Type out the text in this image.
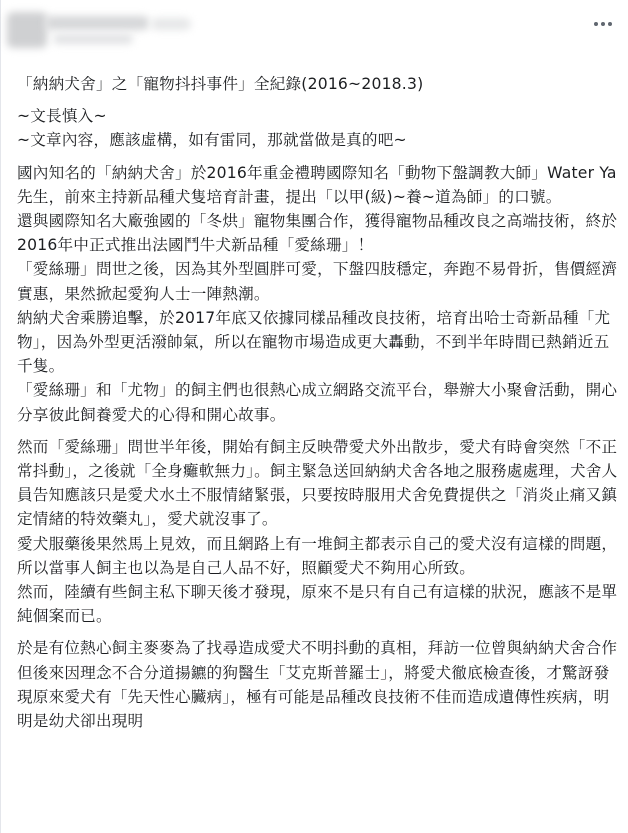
「納納犬舍」之「寵物抖抖事件」全紀錄(2016~2018.3)

~文長慎入~

~文章內容，應該虛構，如有雷同，那就當做是真的吧~

國內知名的「納納犬舍」於2016年重金禮聘國際知名「動物下盤調教大師」Water Ya先生，前來主持新品種犬隻培育計畫，提出「以甲(級)~養~道為師」的口號。

還與國際知名大廠強國的「冬烘」寵物集團合作，獲得寵物品種改良之高端技術，終於2016年中正式推出法國鬥牛犬新品種「愛絲珊」！

「愛絲珊」問世之後，因為其外型圓胖可愛，下盤四肢穩定，奔跑不易骨折，售價經濟實惠，果然掀起愛狗人士一陣熱潮。

納納犬舍乘勝追擊，於2017年底又依據同樣品種改良技術，培育出哈士奇新品種「尤物」，因為外型更活潑帥氣，所以在寵物市場造成更大轟動，不到半年時間已熱銷近五千隻。

「愛絲珊」和「尤物」的飼主們也很熱心成立網路交流平台，舉辦大小聚會活動，開心分享彼此飼養愛犬的心得和開心故事。

然而「愛絲珊」問世半年後，開始有飼主反映帶愛犬外出散步，愛犬有時會突然「不正常抖動」，之後就「全身癱軟無力」。飼主緊急送回納納犬舍各地之服務處處理，犬舍人員告知應該只是愛犬水土不服情緒緊張，只要按時服用犬舍免費提供之「消炎止痛又鎮定情緒的特效藥丸」，愛犬就沒事了。

愛犬服藥後果然馬上見效，而且網路上有一堆飼主都表示自己的愛犬沒有這樣的問題，所以當事人飼主也以為是自己人品不好，照顧愛犬不夠用心所致。

然而，陸續有些飼主私下聊天後才發現，原來不是只有自己有這樣的狀況，應該不是單純個案而已。

於是有位熱心飼主麥麥為了找尋造成愛犬不明抖動的真相，拜訪一位曾與納納犬舍合作但後來因理念不合分道揚鑣的狗醫生「艾克斯普羅士」，將愛犬徹底檢查後，才驚訝發現原來愛犬有「先天性心臟病」，極有可能是品種改良技術不佳而造成遺傳性疾病，明明是幼犬卻出現明
